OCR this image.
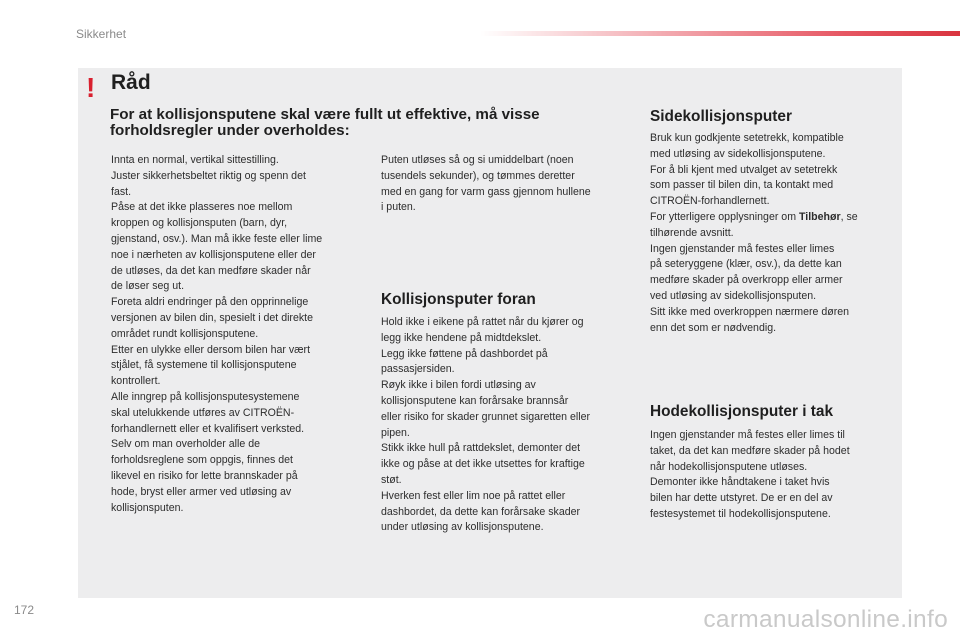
Sikkerhet
! Råd

For at kollisjonsputene skal være fullt ut effektive, må visse forholdsregler under overholdes:

Innta en normal, vertikal sittestilling.

Juster sikkerhetsbeltet riktig og spenn det

fast.

Påse at det ikke plasseres noe mellom

kroppen og kollisjonsputen (barn, dyr,

gjenstand, osv.). Man må ikke feste eller lime

noe i nærheten av kollisjonsputene eller der

de utløses, da det kan medføre skader når

de løser seg ut.

Foreta aldri endringer på den opprinnelige

versjonen av bilen din, spesielt i det direkte

området rundt kollisjonsputene.

Etter en ulykke eller dersom bilen har vært

stjålet, få systemene til kollisjonsputene

kontrollert.

Alle inngrep på kollisjonsputesystemene

skal utelukkende utføres av CITROËN-

forhandlernett eller et kvalifisert verksted.

Selv om man overholder alle de

forholdsreglene som oppgis, finnes det

likevel en risiko for lette brannskader på

hode, bryst eller armer ved utløsing av

kollisjonsputen.

Puten utløses så og si umiddelbart (noen

tusendels sekunder), og tømmes deretter

med en gang for varm gass gjennom hullene

i puten.

Kollisjonsputer foran

Hold ikke i eikene på rattet når du kjører og

legg ikke hendene på midtdekslet.

Legg ikke føttene på dashbordet på

passasjersiden.

Røyk ikke i bilen fordi utløsing av

kollisjonsputene kan forårsake brannsår

eller risiko for skader grunnet sigaretten eller

pipen.

Stikk ikke hull på rattdekslet, demonter det

ikke og påse at det ikke utsettes for kraftige

støt.

Hverken fest eller lim noe på rattet eller

dashbordet, da dette kan forårsake skader

under utløsing av kollisjonsputene.

Sidekollisjonsputer

Bruk kun godkjente setetrekk, kompatible

med utløsing av sidekollisjonsputene.

For å bli kjent med utvalget av setetrekk

som passer til bilen din, ta kontakt med

CITROËN-forhandlernett.

For ytterligere opplysninger om Tilbehør, se

tilhørende avsnitt.

Ingen gjenstander må festes eller limes

på seteryggene (klær, osv.), da dette kan

medføre skader på overkropp eller armer

ved utløsing av sidekollisjonsputen.

Sitt ikke med overkroppen nærmere døren

enn det som er nødvendig.

Hodekollisjonsputer i tak

Ingen gjenstander må festes eller limes til

taket, da det kan medføre skader på hodet

når hodekollisjonsputene utløses.

Demonter ikke håndtakene i taket hvis

bilen har dette utstyret. De er en del av

festesystemet til hodekollisjonsputene.

172	carmanualsonline.info
